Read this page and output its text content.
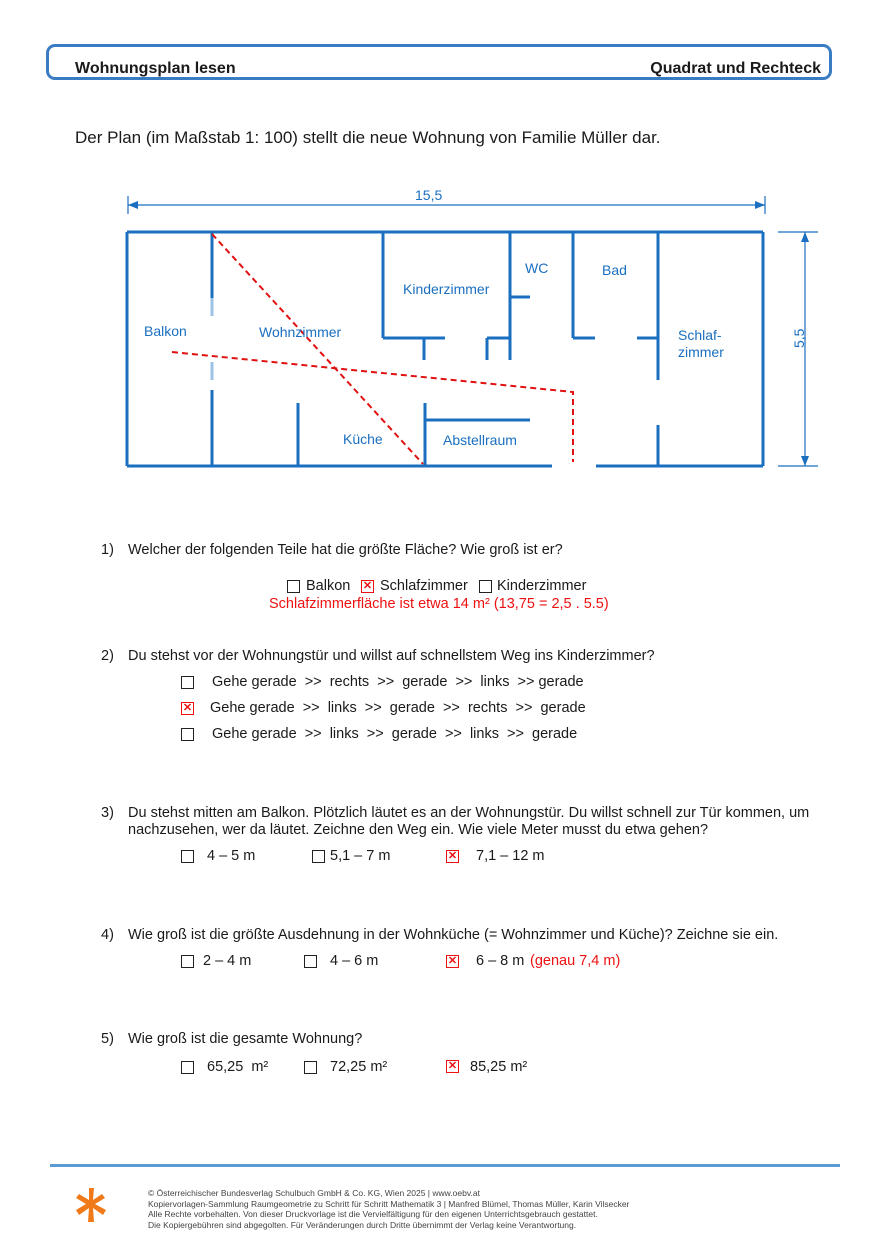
Wohnungsplan lesen	Quadrat und Rechteck
Der Plan (im Maßstab 1: 100) stellt die neue Wohnung von Familie Müller dar.
15,5
5,5
Balkon	Wohnzimmer
Kinderzimmer
WC	Bad
Schlaf-
zimmer
Küche	Abstellraum
1) Welcher der folgenden Teile hat die größte Fläche? Wie groß ist er?
Balkon ✕ Schlafzimmer Kinderzimmer
Schlafzimmerfläche ist etwa 14 m² (13,75 = 2,5 . 5.5)
2) Du stehst vor der Wohnungstür und willst auf schnellstem Weg ins Kinderzimmer?
Gehe gerade  >>  rechts  >>  gerade  >>  links  >> gerade
✕ Gehe gerade  >>  links  >>  gerade  >>  rechts  >>  gerade
Gehe gerade  >>  links  >>  gerade  >>  links  >>  gerade
3) Du stehst mitten am Balkon. Plötzlich läutet es an der Wohnungstür. Du willst schnell zur Tür kommen, um
nachzusehen, wer da läutet. Zeichne den Weg ein. Wie viele Meter musst du etwa gehen?
4 – 5 m	5,1 – 7 m	✕ 7,1 – 12 m
4) Wie groß ist die größte Ausdehnung in der Wohnküche (= Wohnzimmer und Küche)? Zeichne sie ein.
2 – 4 m	4 – 6 m	✕ 6 – 8 m (genau 7,4 m)
5) Wie groß ist die gesamte Wohnung?
65,25  m²	72,25 m²	✕ 85,25 m²
© Österreichischer Bundesverlag Schulbuch GmbH & Co. KG, Wien 2025 | www.oebv.at
Kopiervorlagen-Sammlung Raumgeometrie zu Schritt für Schritt Mathematik 3 | Manfred Blümel, Thomas Müller, Karin Vilsecker
Alle Rechte vorbehalten. Von dieser Druckvorlage ist die Vervielfältigung für den eigenen Unterrichtsgebrauch gestattet.
Die Kopiergebühren sind abgegolten. Für Veränderungen durch Dritte übernimmt der Verlag keine Verantwortung.
